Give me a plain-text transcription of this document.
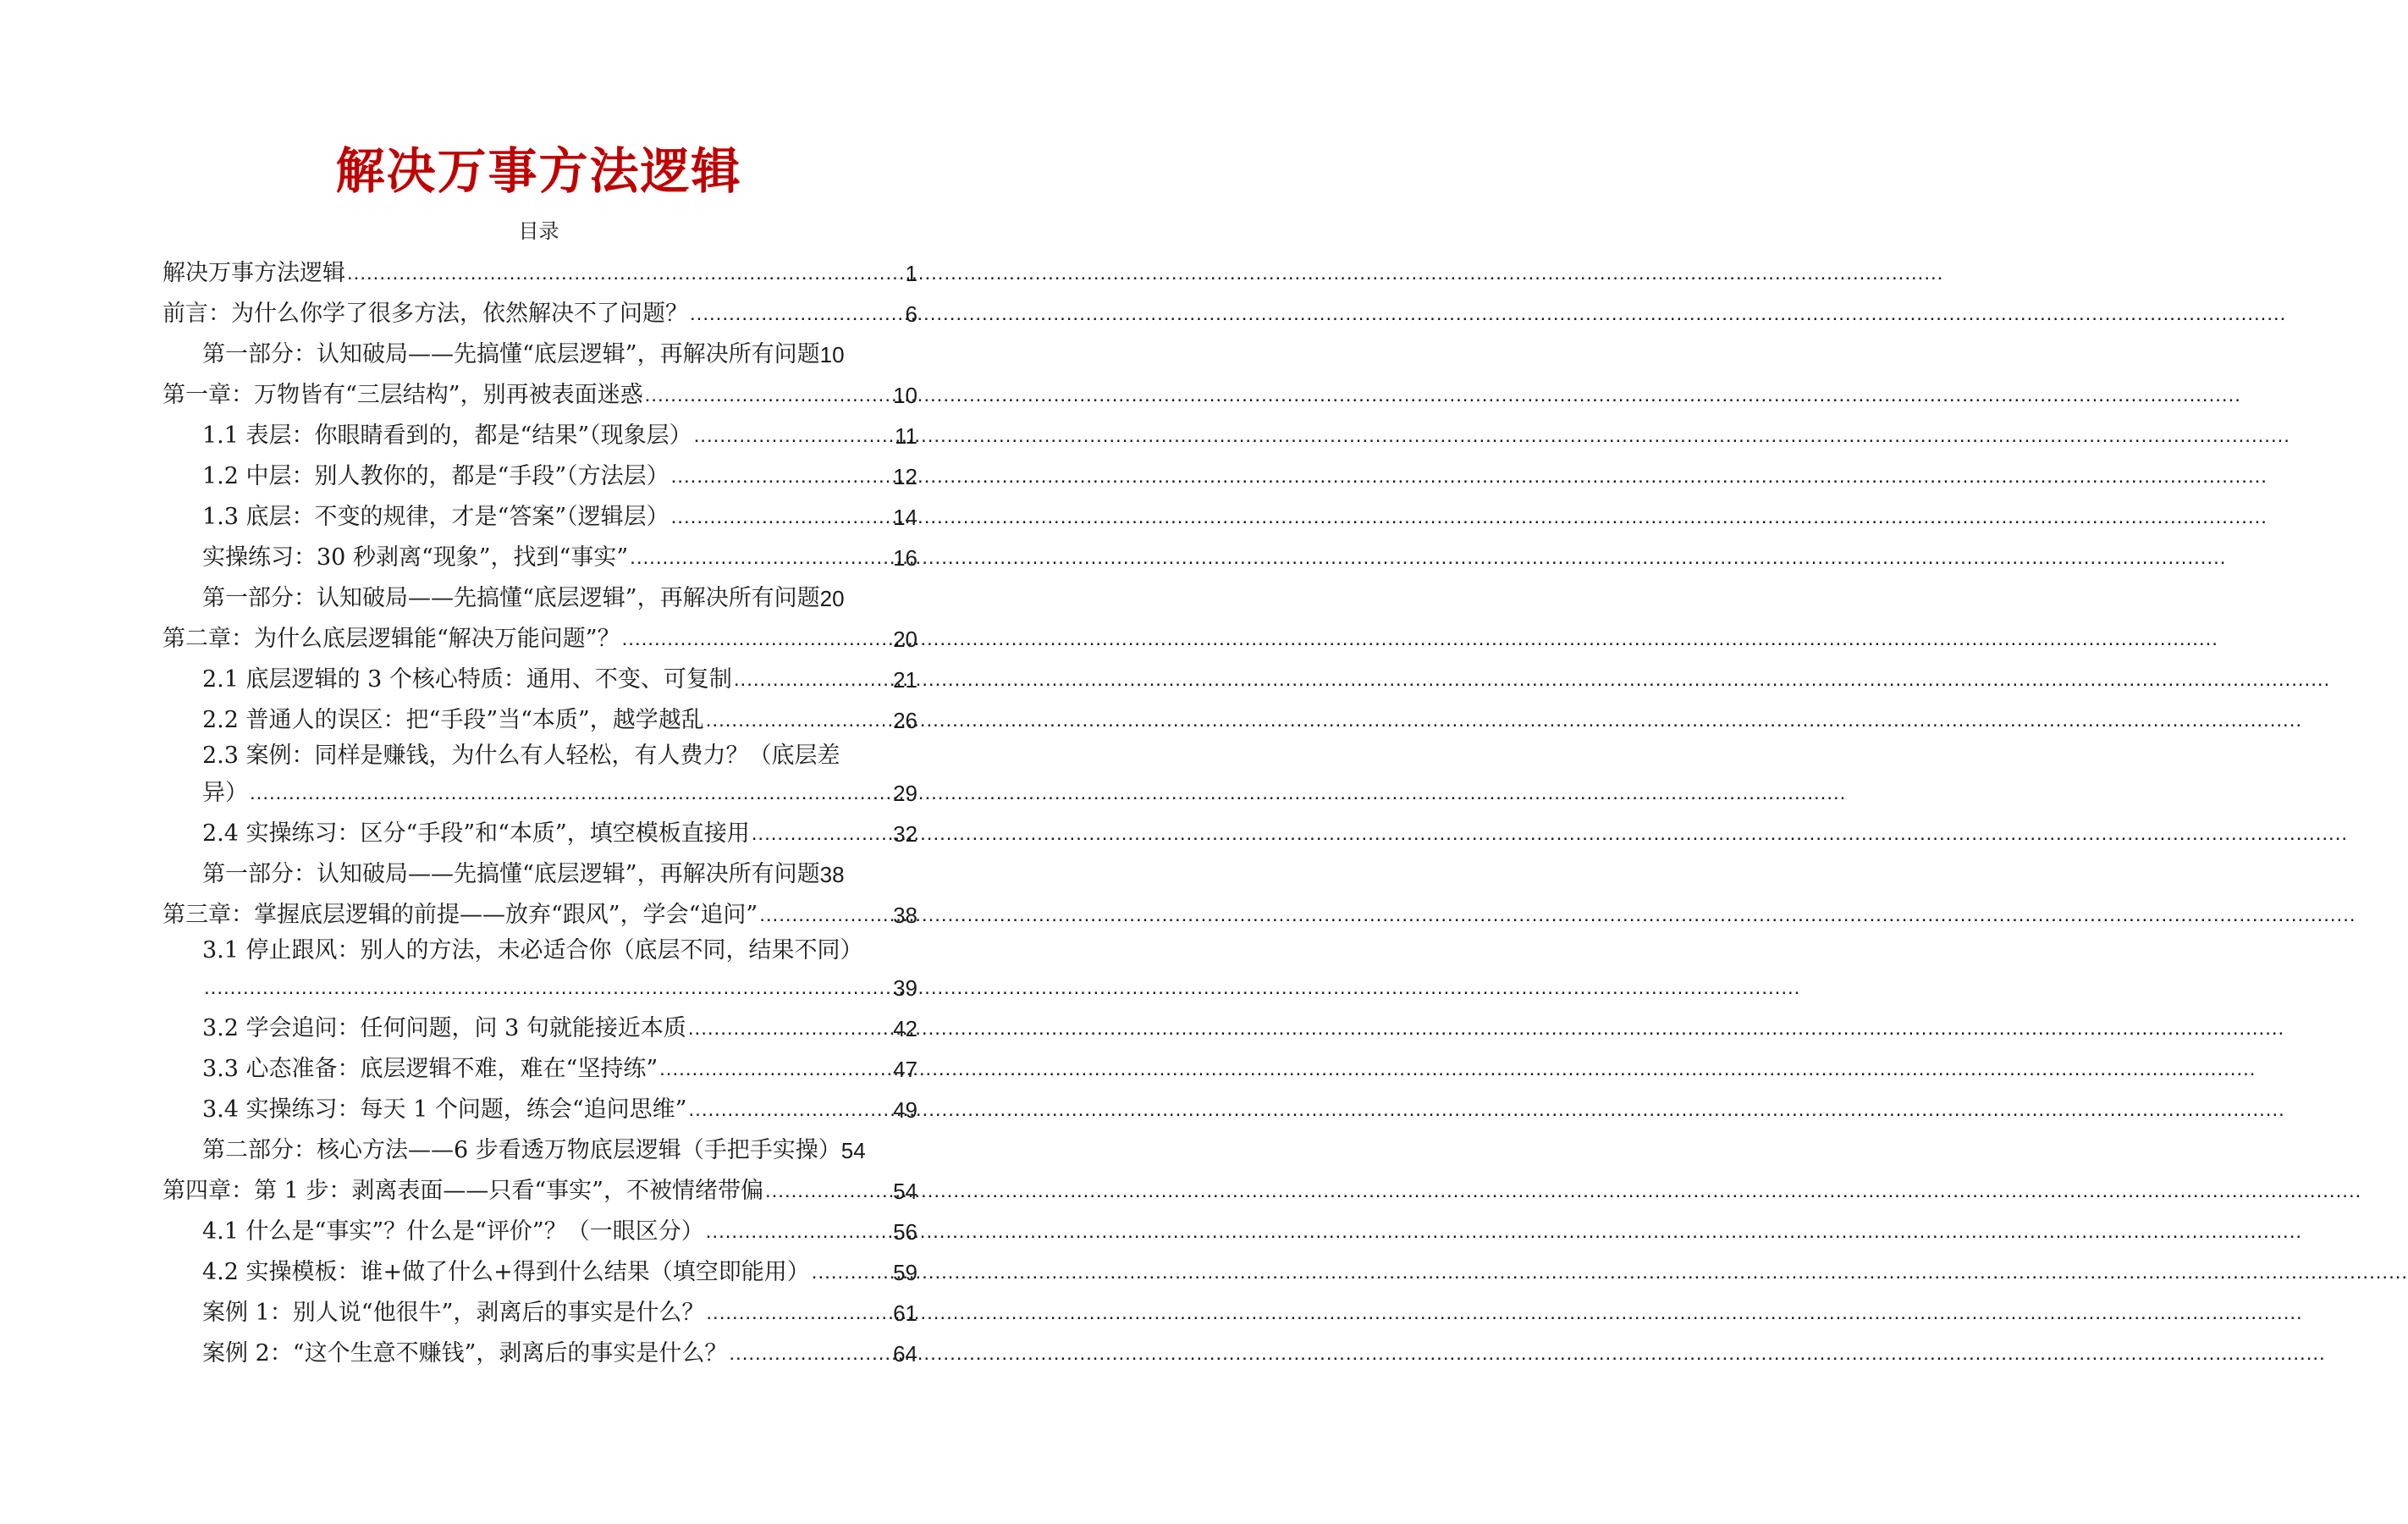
解决万事方法逻辑
目录
解决万事方法逻辑 .....	1
前言：为什么你学了很多方法，依然解决不了问题？ .....	6
第一部分：认知破局——先搞懂“底层逻辑”，再解决所有问题 10
第一章：万物皆有“三层结构”，别再被表面迷惑 .....	10
1.1 表层：你眼睛看到的，都是“结果”（现象层） .....	11
1.2 中层：别人教你的，都是“手段”（方法层） .....	12
1.3 底层：不变的规律，才是“答案”（逻辑层） .....	14
实操练习：30 秒剥离“现象”，找到“事实” .....	16
第一部分：认知破局——先搞懂“底层逻辑”，再解决所有问题 20
第二章：为什么底层逻辑能“解决万能问题”？ .....	20
2.1 底层逻辑的 3 个核心特质：通用、不变、可复制 .....	21
2.2 普通人的误区：把“手段”当“本质”，越学越乱 .....	26
2.3 案例：同样是赚钱，为什么有人轻松，有人费力？（底层差
异） .....	29
2.4 实操练习：区分“手段”和“本质”，填空模板直接用 .....	32
第一部分：认知破局——先搞懂“底层逻辑”，再解决所有问题 38
第三章：掌握底层逻辑的前提——放弃“跟风”，学会“追问” .....	38
3.1 停止跟风：别人的方法，未必适合你（底层不同，结果不同）
.....
39
3.2 学会追问：任何问题，问 3 句就能接近本质 .....	42
3.3 心态准备：底层逻辑不难，难在“坚持练” .....	47
3.4 实操练习：每天 1 个问题，练会“追问思维” .....	49
第二部分：核心方法——6 步看透万物底层逻辑（手把手实操） 54
第四章：第 1 步：剥离表面——只看“事实”，不被情绪带偏 .....	54
4.1 什么是“事实”？什么是“评价”？（一眼区分） .....	56
4.2 实操模板：谁+做了什么+得到什么结果（填空即能用） .....	59
案例 1：别人说“他很牛”，剥离后的事实是什么？ .....	61
案例 2：“这个生意不赚钱”，剥离后的事实是什么？ .....	64
